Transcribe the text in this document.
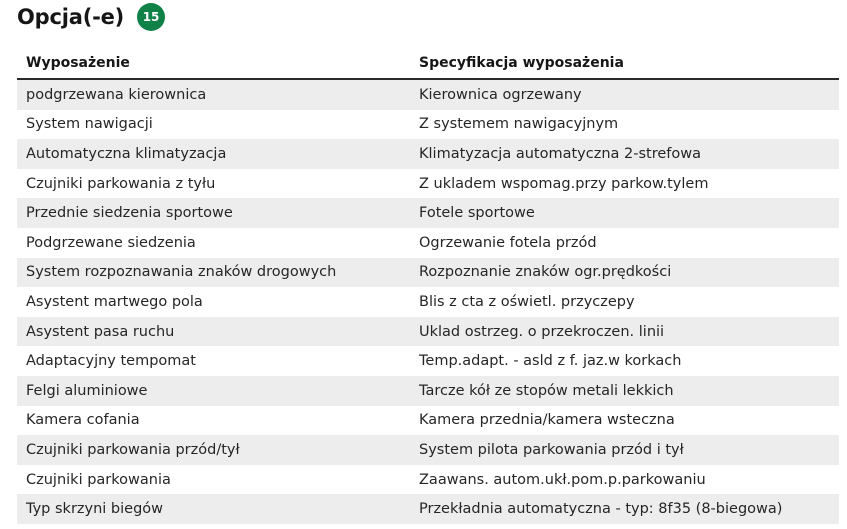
Opcja(-e)	15
Wyposażenie	Specyfikacja wyposażenia
podgrzewana kierownica	Kierownica ogrzewany
System nawigacji	Z systemem nawigacyjnym
Automatyczna klimatyzacja	Klimatyzacja automatyczna 2-strefowa
Czujniki parkowania z tyłu	Z ukladem wspomag.przy parkow.tylem
Przednie siedzenia sportowe	Fotele sportowe
Podgrzewane siedzenia	Ogrzewanie fotela przód
System rozpoznawania znaków drogowych	Rozpoznanie znaków ogr.prędkości
Asystent martwego pola	Blis z cta z oświetl. przyczepy
Asystent pasa ruchu	Uklad ostrzeg. o przekroczen. linii
Adaptacyjny tempomat	Temp.adapt. - asld z f. jaz.w korkach
Felgi aluminiowe	Tarcze kół ze stopów metali lekkich
Kamera cofania	Kamera przednia/kamera wsteczna
Czujniki parkowania przód/tył	System pilota parkowania przód i tył
Czujniki parkowania	Zaawans. autom.ukł.pom.p.parkowaniu
Typ skrzyni biegów	Przekładnia automatyczna - typ: 8f35 (8-biegowa)
